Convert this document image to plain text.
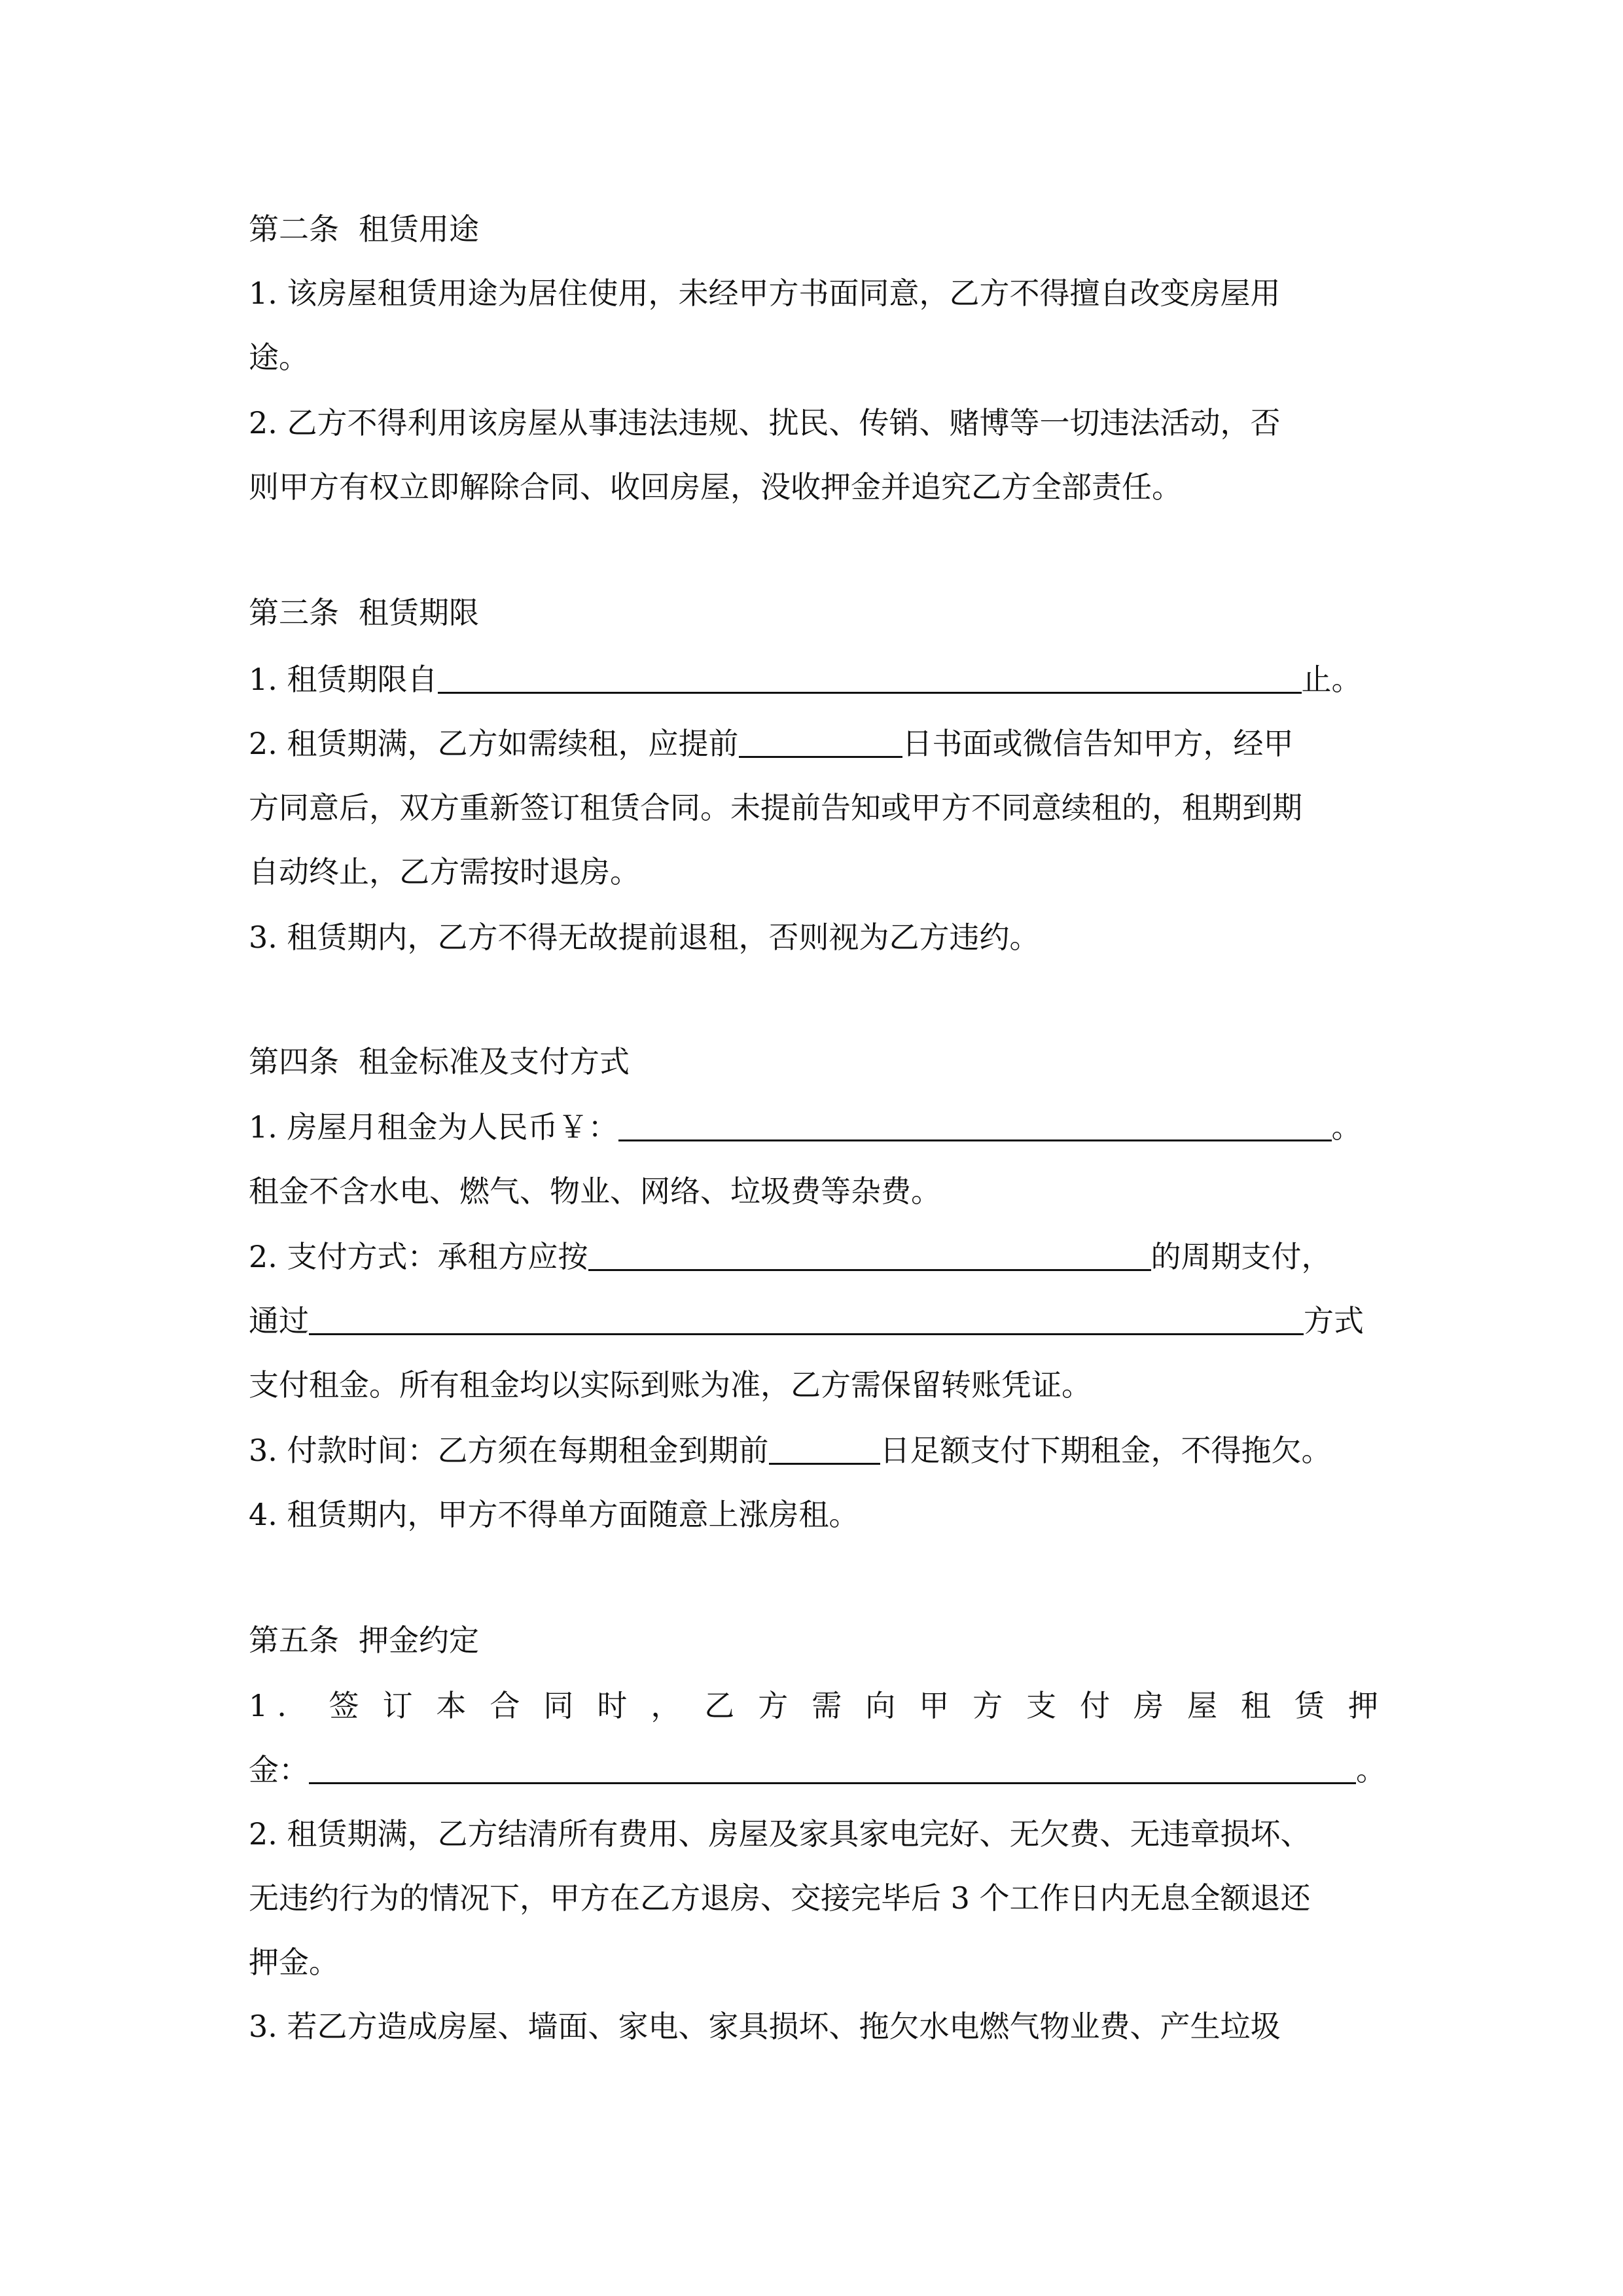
第二条 租赁用途
1. 该房屋租赁用途为居住使用，未经甲方书面同意，乙方不得擅自改变房屋用
途。
2. 乙方不得利用该房屋从事违法违规、扰民、传销、赌博等一切违法活动，否
则甲方有权立即解除合同、收回房屋，没收押金并追究乙方全部责任。
第三条 租赁期限
1. 租赁期限自	止。
2. 租赁期满，乙方如需续租，应提前	日书面或微信告知甲方，经甲
方同意后，双方重新签订租赁合同。未提前告知或甲方不同意续租的，租期到期
自动终止，乙方需按时退房。
3. 租赁期内，乙方不得无故提前退租，否则视为乙方违约。
第四条 租金标准及支付方式
1. 房屋月租金为人民币￥：	。
租金不含水电、燃气、物业、网络、垃圾费等杂费。
2. 支付方式：承租方应按	的周期支付，
通过	方式
支付租金。所有租金均以实际到账为准，乙方需保留转账凭证。
3. 付款时间：乙方须在每期租金到期前	日足额支付下期租金，不得拖欠。
4. 租赁期内，甲方不得单方面随意上涨房租。
第五条 押金约定
1. 签订本合同时，乙方需向甲方支付房屋租赁押
金：	。
2. 租赁期满，乙方结清所有费用、房屋及家具家电完好、无欠费、无违章损坏、
无违约行为的情况下，甲方在乙方退房、交接完毕后 3 个工作日内无息全额退还
押金。
3. 若乙方造成房屋、墙面、家电、家具损坏、拖欠水电燃气物业费、产生垃圾
